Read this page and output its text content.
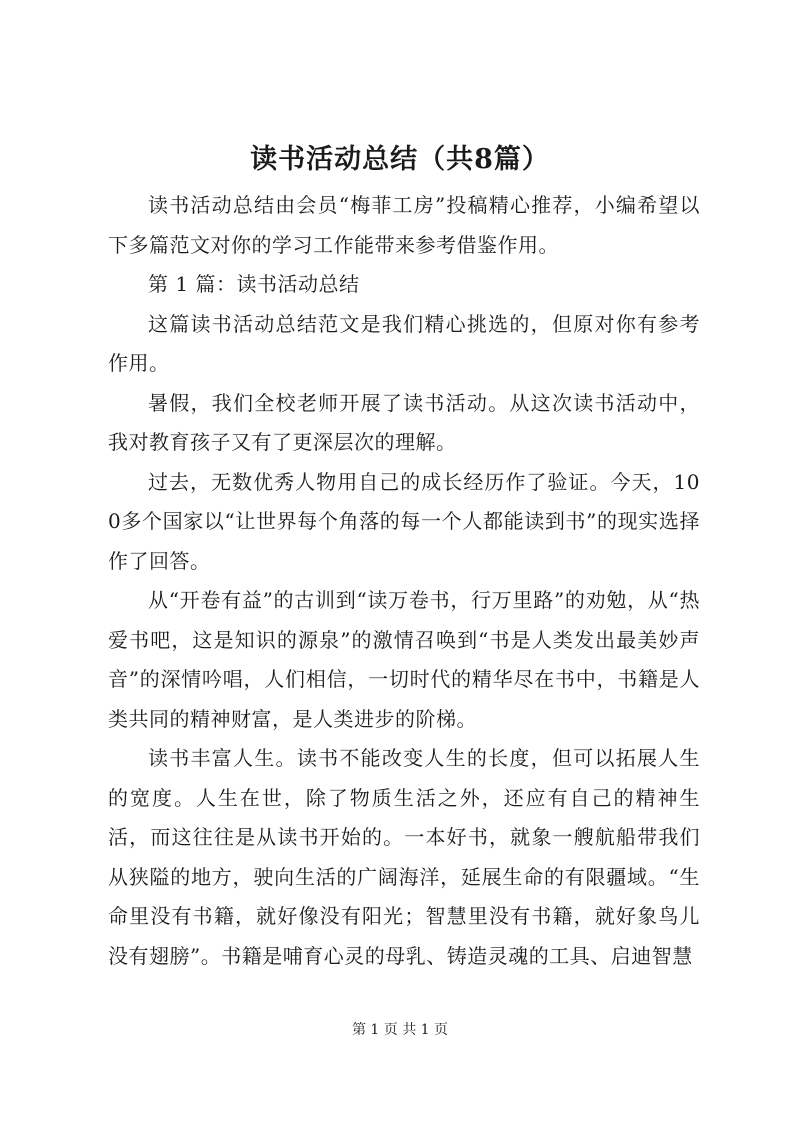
读书活动总结（共8篇）

读书活动总结由会员“梅菲工房”投稿精心推荐，小编希望以下多篇范文对你的学习工作能带来参考借鉴作用。

第 1 篇：读书活动总结

这篇读书活动总结范文是我们精心挑选的，但原对你有参考作用。

暑假，我们全校老师开展了读书活动。从这次读书活动中，我对教育孩子又有了更深层次的理解。

过去，无数优秀人物用自己的成长经历作了验证。今天，100多个国家以“让世界每个角落的每一个人都能读到书”的现实选择作了回答。

从“开卷有益”的古训到“读万卷书，行万里路”的劝勉，从“热爱书吧，这是知识的源泉”的激情召唤到“书是人类发出最美妙声音”的深情吟唱，人们相信，一切时代的精华尽在书中，书籍是人类共同的精神财富，是人类进步的阶梯。

读书丰富人生。读书不能改变人生的长度，但可以拓展人生的宽度。人生在世，除了物质生活之外，还应有自己的精神生活，而这往往是从读书开始的。一本好书，就象一艘航船带我们从狭隘的地方，驶向生活的广阔海洋，延展生命的有限疆域。“生命里没有书籍，就好像没有阳光；智慧里没有书籍，就好象鸟儿没有翅膀”。书籍是哺育心灵的母乳、铸造灵魂的工具、启迪智慧

第 1 页 共 1 页
